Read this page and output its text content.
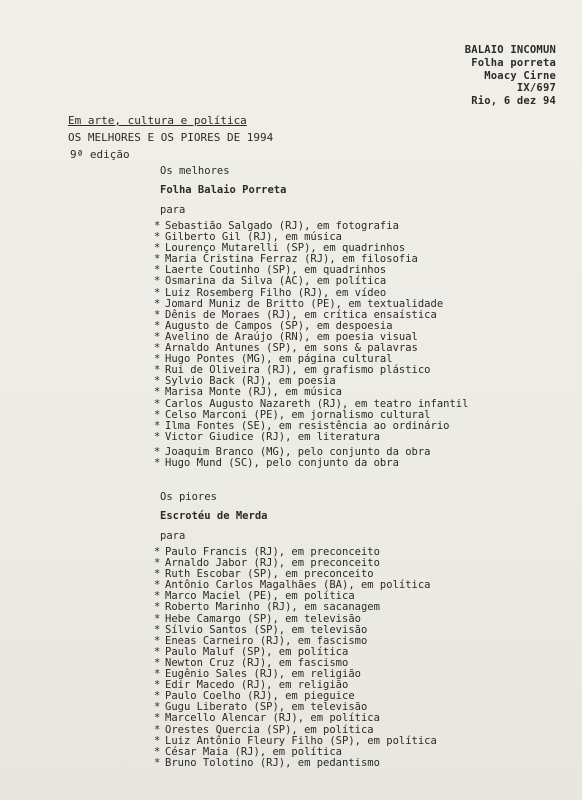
BALAIO INCOMUN
Folha porreta
Moacy Cirne
IX/697
Rio, 6 dez 94
Em arte, cultura e política
OS MELHORES E OS PIORES DE 1994
9ª edição
Os melhores
Folha Balaio Porreta
para
* Sebastião Salgado (RJ), em fotografia
* Gilberto Gil (RJ), em música
* Lourenço Mutarelli (SP), em quadrinhos
* Maria Cristina Ferraz (RJ), em filosofia
* Laerte Coutinho (SP), em quadrinhos
* Osmarina da Silva (AC), em política
* Luiz Rosemberg Filho (RJ), em vídeo
* Jomard Muniz de Britto (PE), em textualidade
* Dênis de Moraes (RJ), em crítica ensaística
* Augusto de Campos (SP), em despoesia
* Avelino de Araújo (RN), em poesia visual
* Arnaldo Antunes (SP), em sons & palavras
* Hugo Pontes (MG), em página cultural
* Rui de Oliveira (RJ), em grafismo plástico
* Sylvio Back (RJ), em poesia
* Marisa Monte (RJ), em música
* Carlos Augusto Nazareth (RJ), em teatro infantil
* Celso Marconi (PE), em jornalismo cultural
* Ilma Fontes (SE), em resistência ao ordinário
* Victor Giudice (RJ), em literatura
* Joaquim Branco (MG), pelo conjunto da obra
* Hugo Mund (SC), pelo conjunto da obra
Os piores
Escrotéu de Merda
para
* Paulo Francis (RJ), em preconceito
* Arnaldo Jabor (RJ), em preconceito
* Ruth Escobar (SP), em preconceito
* Antônio Carlos Magalhães (BA), em política
* Marco Maciel (PE), em política
* Roberto Marinho (RJ), em sacanagem
* Hebe Camargo (SP), em televisão
* Sílvio Santos (SP), em televisão
* Eneas Carneiro (RJ), em fascismo
* Paulo Maluf (SP), em política
* Newton Cruz (RJ), em fascismo
* Eugênio Sales (RJ), em religião
* Edir Macedo (RJ), em religião
* Paulo Coelho (RJ), em pieguice
* Gugu Liberato (SP), em televisão
* Marcello Alencar (RJ), em política
* Orestes Quercia (SP), em política
* Luiz Antônio Fleury Filho (SP), em política
* César Maia (RJ), em política
* Bruno Tolotino (RJ), em pedantismo
